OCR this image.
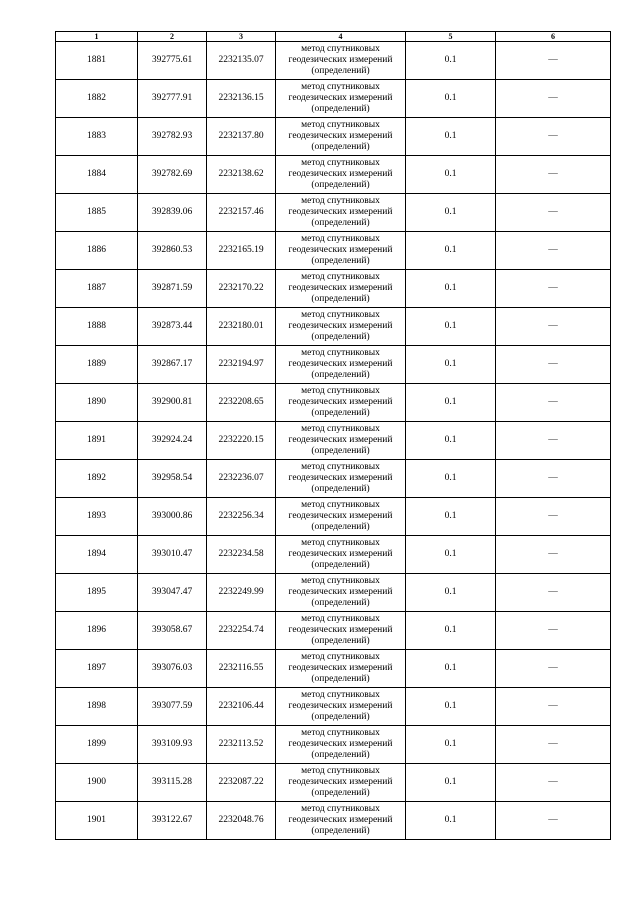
1	2	3	4	5	6
1881	392775.61	2232135.07	метод спутниковых
геодезических измерений
(определений)	0.1	—
1882	392777.91	2232136.15	метод спутниковых
геодезических измерений
(определений)	0.1	—
1883	392782.93	2232137.80	метод спутниковых
геодезических измерений
(определений)	0.1	—
1884	392782.69	2232138.62	метод спутниковых
геодезических измерений
(определений)	0.1	—
1885	392839.06	2232157.46	метод спутниковых
геодезических измерений
(определений)	0.1	—
1886	392860.53	2232165.19	метод спутниковых
геодезических измерений
(определений)	0.1	—
1887	392871.59	2232170.22	метод спутниковых
геодезических измерений
(определений)	0.1	—
1888	392873.44	2232180.01	метод спутниковых
геодезических измерений
(определений)	0.1	—
1889	392867.17	2232194.97	метод спутниковых
геодезических измерений
(определений)	0.1	—
1890	392900.81	2232208.65	метод спутниковых
геодезических измерений
(определений)	0.1	—
1891	392924.24	2232220.15	метод спутниковых
геодезических измерений
(определений)	0.1	—
1892	392958.54	2232236.07	метод спутниковых
геодезических измерений
(определений)	0.1	—
1893	393000.86	2232256.34	метод спутниковых
геодезических измерений
(определений)	0.1	—
1894	393010.47	2232234.58	метод спутниковых
геодезических измерений
(определений)	0.1	—
1895	393047.47	2232249.99	метод спутниковых
геодезических измерений
(определений)	0.1	—
1896	393058.67	2232254.74	метод спутниковых
геодезических измерений
(определений)	0.1	—
1897	393076.03	2232116.55	метод спутниковых
геодезических измерений
(определений)	0.1	—
1898	393077.59	2232106.44	метод спутниковых
геодезических измерений
(определений)	0.1	—
1899	393109.93	2232113.52	метод спутниковых
геодезических измерений
(определений)	0.1	—
1900	393115.28	2232087.22	метод спутниковых
геодезических измерений
(определений)	0.1	—
1901	393122.67	2232048.76	метод спутниковых
геодезических измерений
(определений)	0.1	—
